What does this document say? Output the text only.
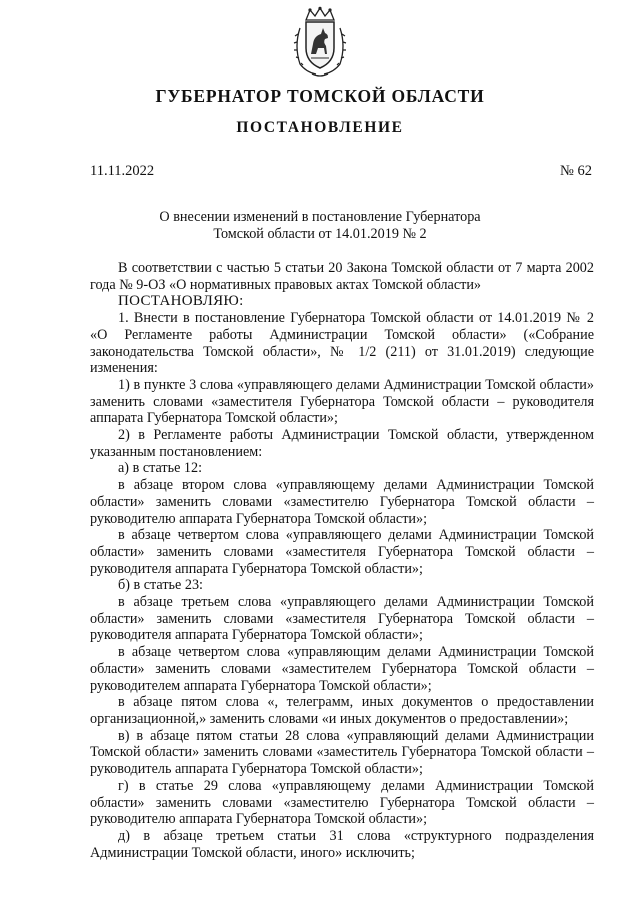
ГУБЕРНАТОР ТОМСКОЙ ОБЛАСТИ
ПОСТАНОВЛЕНИЕ
11.11.2022	№ 62
О внесении изменений в постановление Губернатора
Томской области от 14.01.2019 № 2

В соответствии с частью 5 статьи 20 Закона Томской области от 7 марта 2002 года № 9-ОЗ «О нормативных правовых актах Томской области»

ПОСТАНОВЛЯЮ:

1. Внести в постановление Губернатора Томской области от 14.01.2019 № 2 «О Регламенте работы Администрации Томской области» («Собрание законодательства Томской области», № 1/2 (211) от 31.01.2019) следующие изменения:

1) в пункте 3 слова «управляющего делами Администрации Томской области» заменить словами «заместителя Губернатора Томской области – руководителя аппарата Губернатора Томской области»;

2) в Регламенте работы Администрации Томской области, утвержденном указанным постановлением:

а) в статье 12:

в абзаце втором слова «управляющему делами Администрации Томской области» заменить словами «заместителю Губернатора Томской области – руководителю аппарата Губернатора Томской области»;

в абзаце четвертом слова «управляющего делами Администрации Томской области» заменить словами «заместителя Губернатора Томской области – руководителя аппарата Губернатора Томской области»;

б) в статье 23:

в абзаце третьем слова «управляющего делами Администрации Томской области» заменить словами «заместителя Губернатора Томской области – руководителя аппарата Губернатора Томской области»;

в абзаце четвертом слова «управляющим делами Администрации Томской области» заменить словами «заместителем Губернатора Томской области – руководителем аппарата Губернатора Томской области»;

в абзаце пятом слова «, телеграмм, иных документов о предоставлении организационной,» заменить словами «и иных документов о предоставлении»;

в) в абзаце пятом статьи 28 слова «управляющий делами Администрации Томской области» заменить словами «заместитель Губернатора Томской области – руководитель аппарата Губернатора Томской области»;

г) в статье 29 слова «управляющему делами Администрации Томской области» заменить словами «заместителю Губернатора Томской области – руководителю аппарата Губернатора Томской области»;

д) в абзаце третьем статьи 31 слова «структурного подразделения Администрации Томской области, иного» исключить;
